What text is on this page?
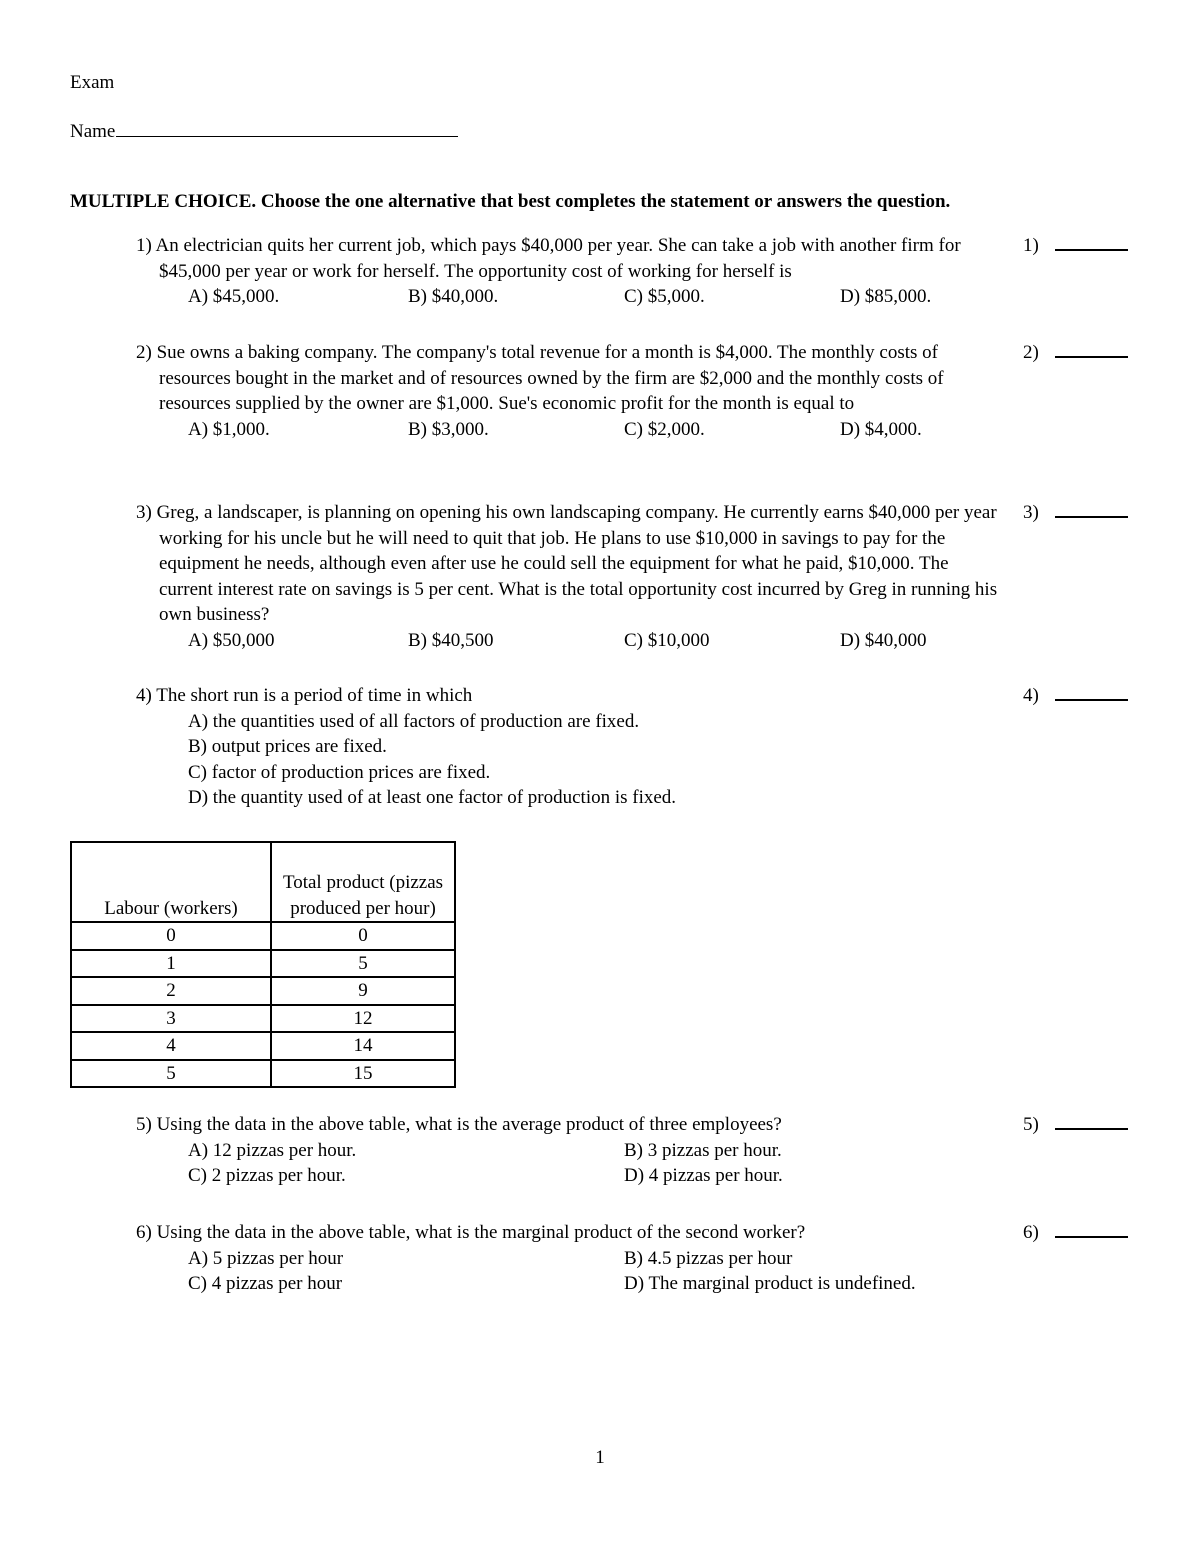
Exam
Name
MULTIPLE CHOICE. Choose the one alternative that best completes the statement or answers the question.
1) An electrician quits her current job, which pays $40,000 per year. She can take a job with another firm for $45,000 per year or work for herself. The opportunity cost of working for herself is
A) $45,000.	B) $40,000.	C) $5,000.	D) $85,000.
1)
2) Sue owns a baking company. The company's total revenue for a month is $4,000. The monthly costs of resources bought in the market and of resources owned by the firm are $2,000 and the monthly costs of resources supplied by the owner are $1,000. Sue's economic profit for the month is equal to
A) $1,000.	B) $3,000.	C) $2,000.	D) $4,000.
2)
3) Greg, a landscaper, is planning on opening his own landscaping company. He currently earns $40,000 per year working for his uncle but he will need to quit that job. He plans to use $10,000 in savings to pay for the equipment he needs, although even after use he could sell the equipment for what he paid, $10,000. The current interest rate on savings is 5 per cent. What is the total opportunity cost incurred by Greg in running his own business?
A) $50,000	B) $40,500	C) $10,000	D) $40,000
3)
4) The short run is a period of time in which
A) the quantities used of all factors of production are fixed.
B) output prices are fixed.
C) factor of production prices are fixed.
D) the quantity used of at least one factor of production is fixed.
4)
Labour (workers)	Total product (pizzas produced per hour)
0	0
1	5
2	9
3	12
4	14
5	15
5) Using the data in the above table, what is the average product of three employees?
A) 12 pizzas per hour.	B) 3 pizzas per hour.
C) 2 pizzas per hour.	D) 4 pizzas per hour.
5)
6) Using the data in the above table, what is the marginal product of the second worker?
A) 5 pizzas per hour	B) 4.5 pizzas per hour
C) 4 pizzas per hour	D) The marginal product is undefined.
6)
1
